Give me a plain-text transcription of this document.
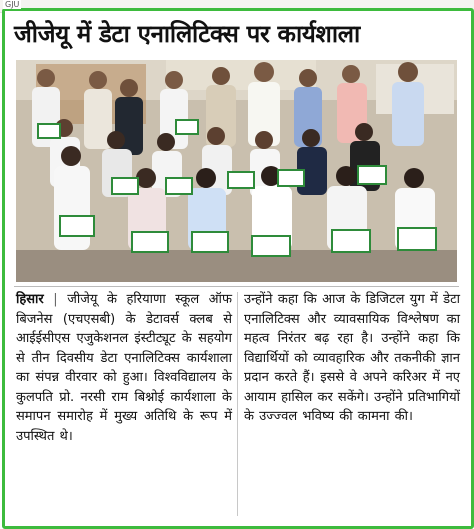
GJU
जीजेयू में डेटा एनालिटिक्स पर कार्यशाला
हिसार | जीजेयू के हरियाणा स्कूल ऑफ बिजनेस (एचएसबी) के डेटावर्स क्लब से आईईसीएस एजुकेशनल इंस्टीट्यूट के सहयोग से तीन दिवसीय डेटा एनालिटिक्स कार्यशाला का संपन्न वीरवार को हुआ। विश्वविद्यालय के कुलपति प्रो. नरसी राम बिश्नोई कार्यशाला के समापन समारोह में मुख्य अतिथि के रूप में उपस्थित थे।
उन्होंने कहा कि आज के डिजिटल युग में डेटा एनालिटिक्स और व्यावसायिक विश्लेषण का महत्व निरंतर बढ़ रहा है। उन्होंने कहा कि विद्यार्थियों को व्यावहारिक और तकनीकी ज्ञान प्रदान करते हैं। इससे वे अपने करिअर में नए आयाम हासिल कर सकेंगे। उन्होंने प्रतिभागियों के उज्ज्वल भविष्य की कामना की।
